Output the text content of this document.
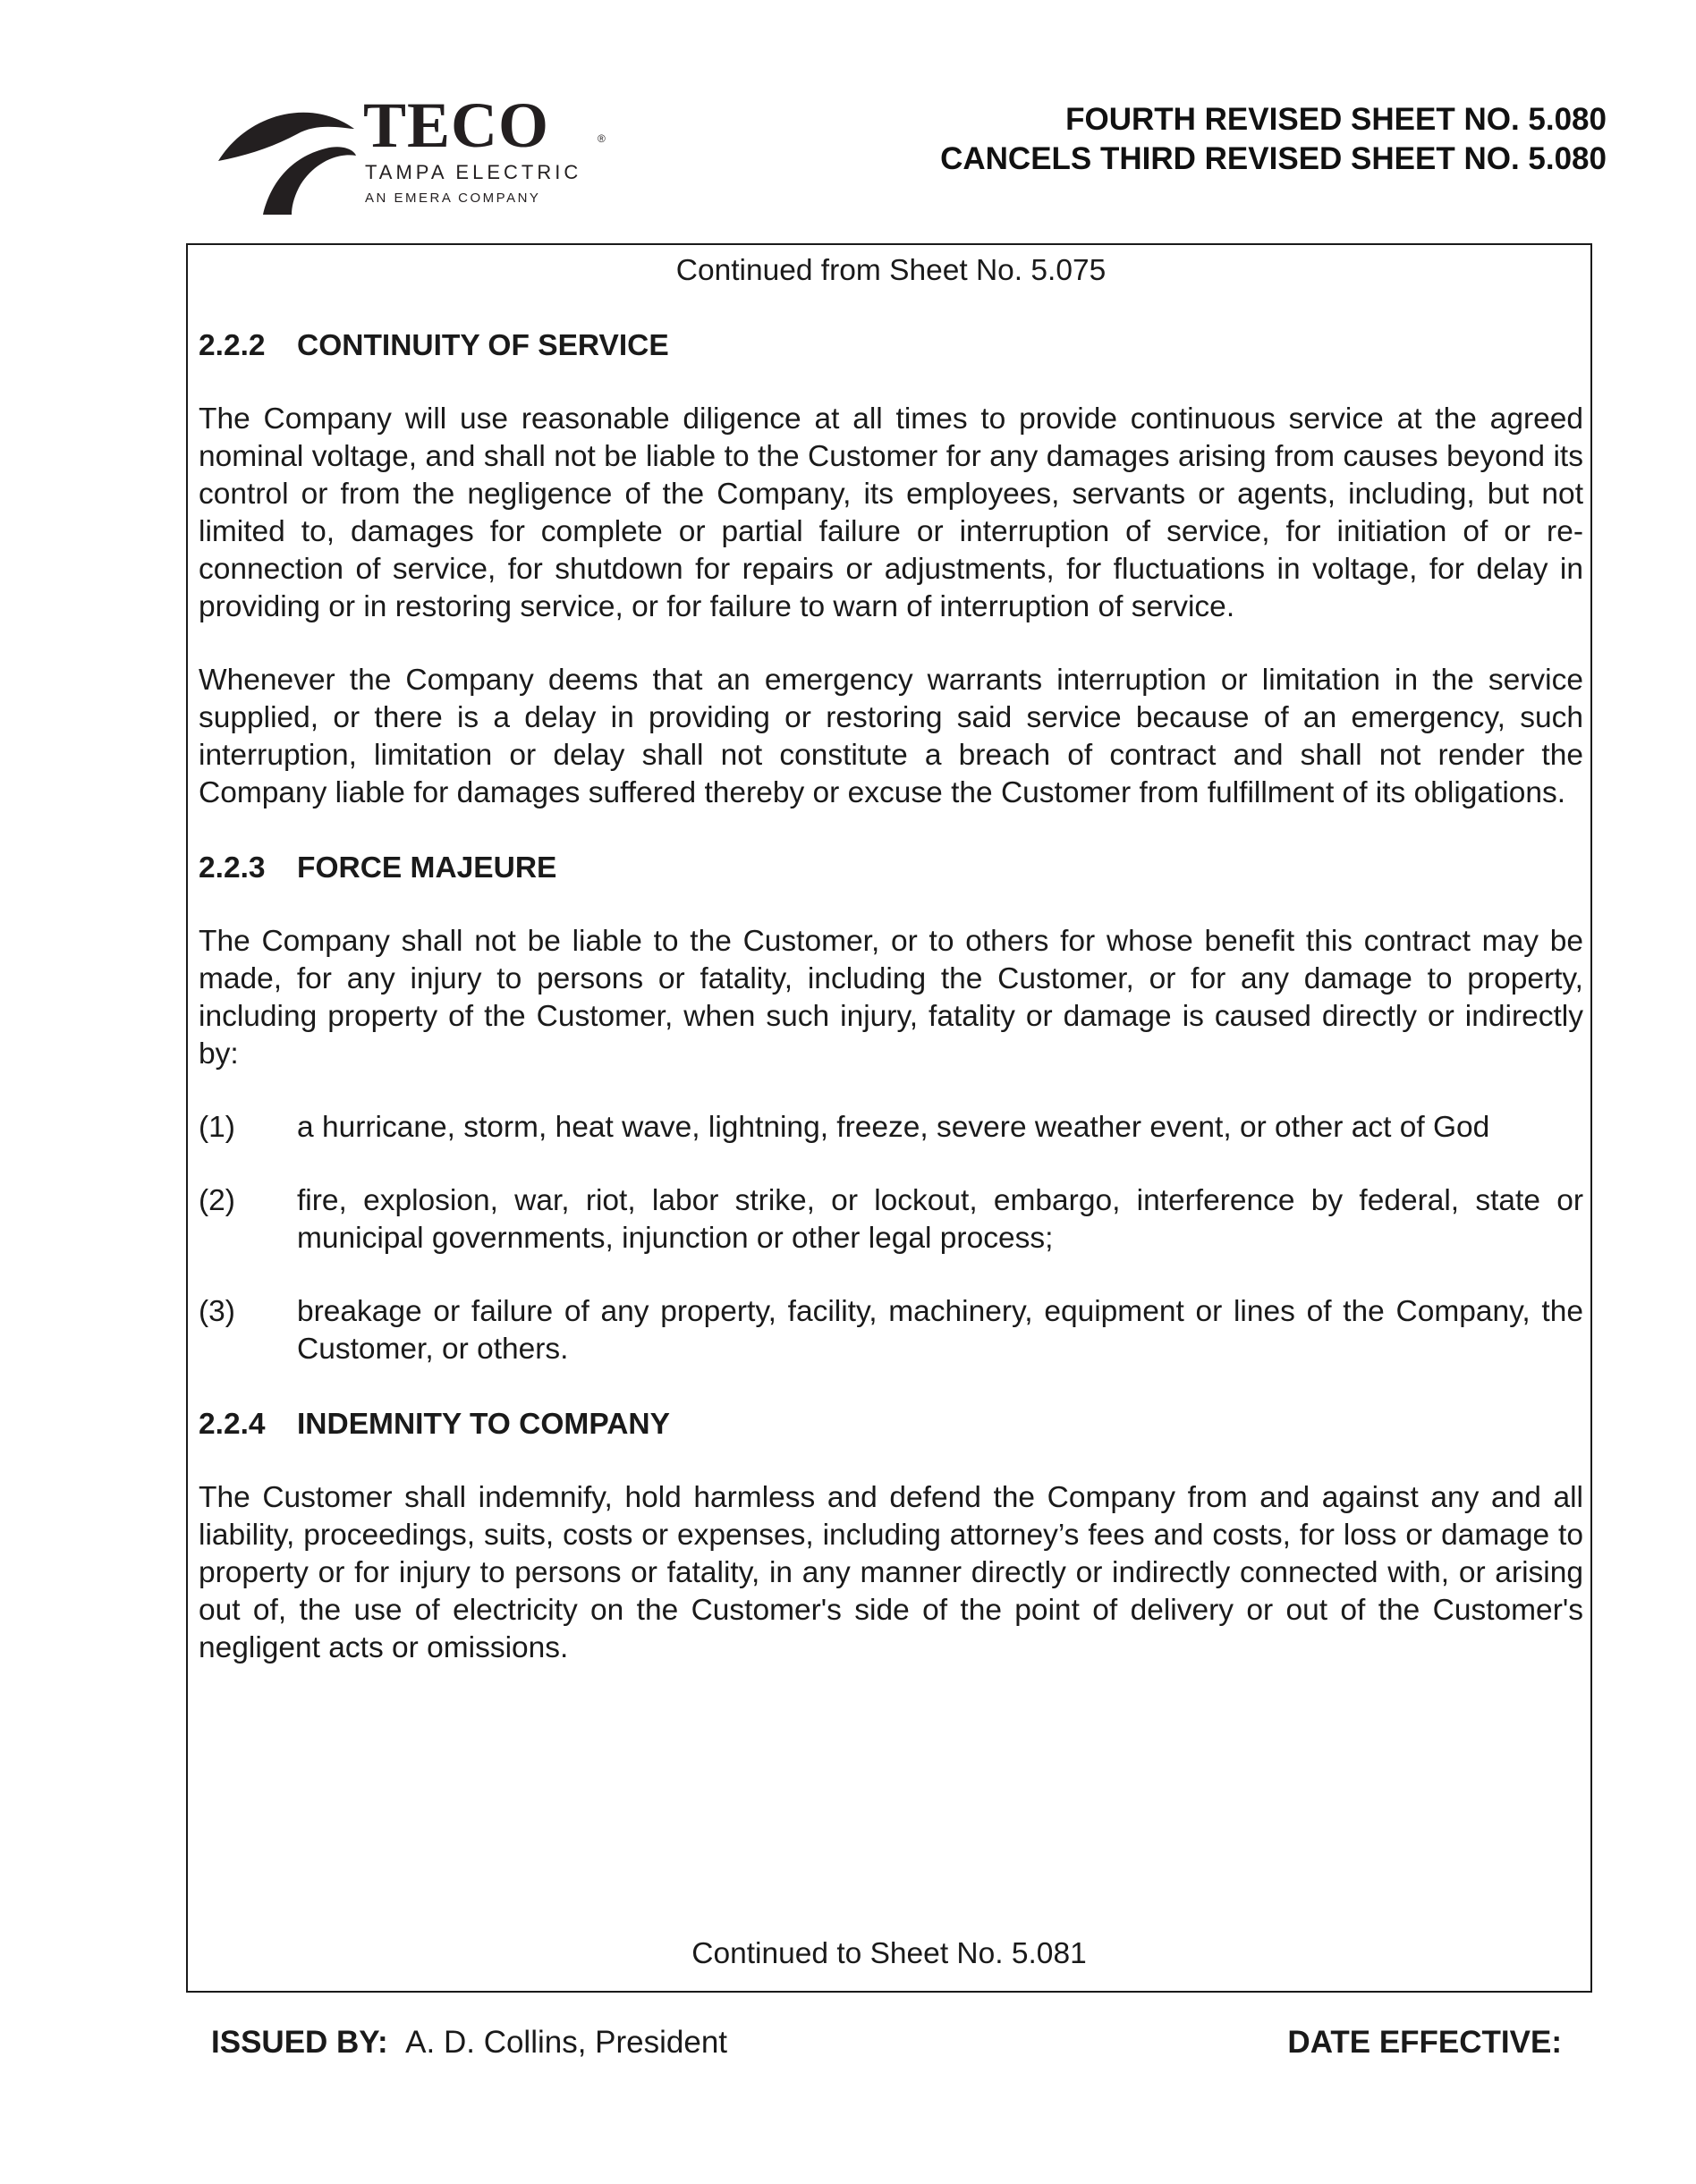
TECO	®
TAMPA ELECTRIC
AN EMERA COMPANY
FOURTH REVISED SHEET NO. 5.080
CANCELS THIRD REVISED SHEET NO. 5.080
Continued from Sheet No. 5.075
2.2.2 CONTINUITY OF SERVICE
The Company will use reasonable diligence at all times to provide continuous service at the agreed nominal voltage, and shall not be liable to the Customer for any damages arising from causes beyond its control or from the negligence of the Company, its employees, servants or agents, including, but not limited to, damages for complete or partial failure or interruption of service, for initiation of or re-connection of service, for shutdown for repairs or adjustments, for fluctuations in voltage, for delay in providing or in restoring service, or for failure to warn of interruption of service.
Whenever the Company deems that an emergency warrants interruption or limitation in the service supplied, or there is a delay in providing or restoring said service because of an emergency, such interruption, limitation or delay shall not constitute a breach of contract and shall not render the Company liable for damages suffered thereby or excuse the Customer from fulfillment of its obligations.
2.2.3 FORCE MAJEURE
The Company shall not be liable to the Customer, or to others for whose benefit this contract may be made, for any injury to persons or fatality, including the Customer, or for any damage to property, including property of the Customer, when such injury, fatality or damage is caused directly or indirectly by:
(1)	a hurricane, storm, heat wave, lightning, freeze, severe weather event, or other act of God
(2)	fire, explosion, war, riot, labor strike, or lockout, embargo, interference by federal, state or municipal governments, injunction or other legal process;
(3)	breakage or failure of any property, facility, machinery, equipment or lines of the Company, the Customer, or others.
2.2.4 INDEMNITY TO COMPANY
The Customer shall indemnify, hold harmless and defend the Company from and against any and all liability, proceedings, suits, costs or expenses, including attorney’s fees and costs, for loss or damage to property or for injury to persons or fatality, in any manner directly or indirectly connected with, or arising out of, the use of electricity on the Customer's side of the point of delivery or out of the Customer's negligent acts or omissions.
Continued to Sheet No. 5.081
ISSUED BY: A. D. Collins, President	DATE EFFECTIVE:
